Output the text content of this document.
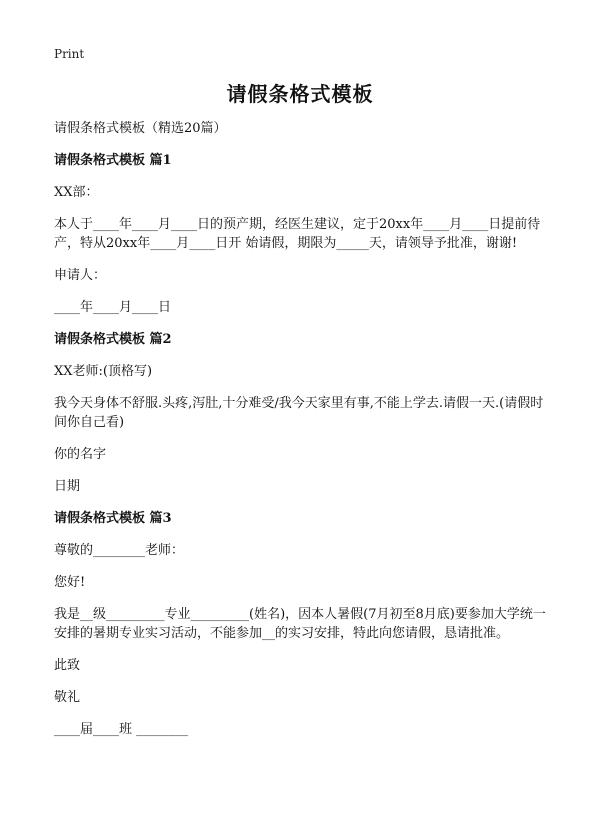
Print
请假条格式模板

请假条格式模板（精选20篇）

请假条格式模板 篇1

XX部：

本人于____年____月____日的预产期，经医生建议，定于20xx年____月____日提前待产，特从20xx年____月____日开 始请假，期限为_____天，请领导予批准，谢谢!

申请人：

____年____月____日

请假条格式模板 篇2

XX老师:(顶格写)

我今天身体不舒服.头疼,泻肚,十分难受/我今天家里有事,不能上学去.请假一天.(请假时间你自己看)

你的名字

日期

请假条格式模板 篇3

尊敬的________老师：

您好!

我是__级_________专业_________(姓名)，因本人暑假(7月初至8月底)要参加大学统一安排的暑期专业实习活动，不能参加__的实习安排，特此向您请假，恳请批准。

此致

敬礼

____届____班 ________
